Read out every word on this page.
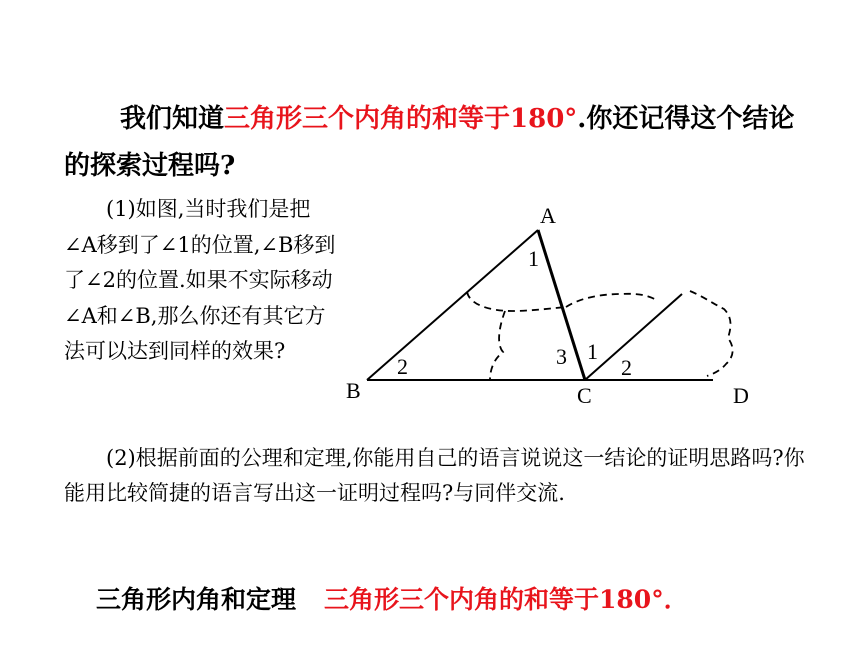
我们知道三角形三个内角的和等于180°.你还记得这个结论
的探索过程吗?
(1)如图,当时我们是把∠A移到了∠1的位置,∠B移到了∠2的位置.如果不实际移动∠A和∠B,那么你还有其它方法可以达到同样的效果?
A
B	C	D
1
2	3 1
2
(2)根据前面的公理和定理,你能用自己的语言说说这一结论的证明思路吗?你能用比较简捷的语言写出这一证明过程吗?与同伴交流.
三角形内角和定理 三角形三个内角的和等于180°．
